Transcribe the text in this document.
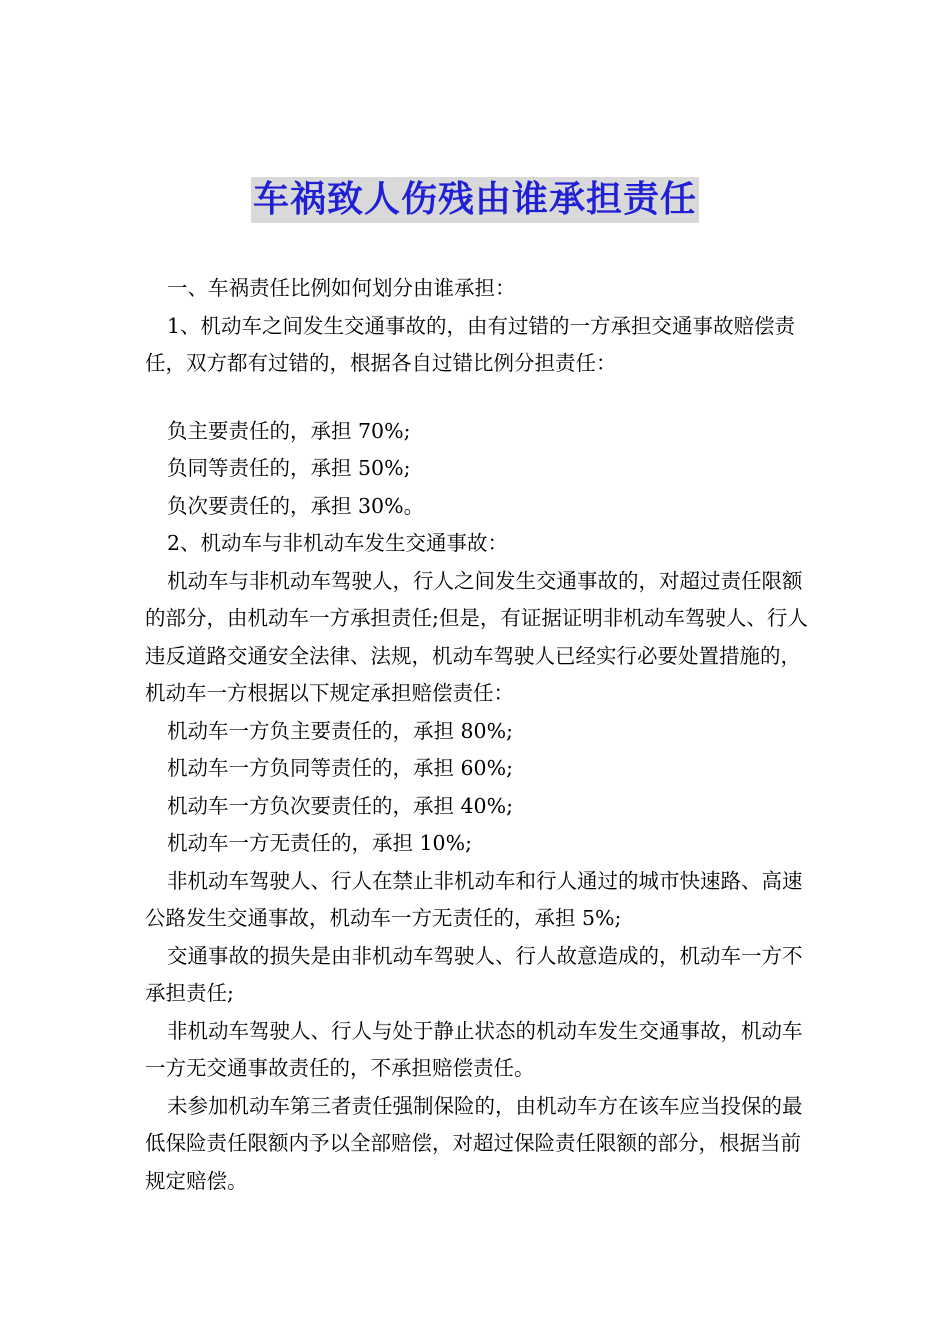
车祸致人伤残由谁承担责任

一、车祸责任比例如何划分由谁承担：

1、机动车之间发生交通事故的，由有过错的一方承担交通事故赔偿责任，双方都有过错的，根据各自过错比例分担责任：

负主要责任的，承担 70%;

负同等责任的，承担 50%;

负次要责任的，承担 30%。

2、机动车与非机动车发生交通事故：

机动车与非机动车驾驶人，行人之间发生交通事故的，对超过责任限额的部分，由机动车一方承担责任;但是，有证据证明非机动车驾驶人、行人违反道路交通安全法律、法规，机动车驾驶人已经实行必要处置措施的，机动车一方根据以下规定承担赔偿责任：

机动车一方负主要责任的，承担 80%;

机动车一方负同等责任的，承担 60%;

机动车一方负次要责任的，承担 40%;

机动车一方无责任的，承担 10%;

非机动车驾驶人、行人在禁止非机动车和行人通过的城市快速路、高速公路发生交通事故，机动车一方无责任的，承担 5%;

交通事故的损失是由非机动车驾驶人、行人故意造成的，机动车一方不承担责任;

非机动车驾驶人、行人与处于静止状态的机动车发生交通事故，机动车一方无交通事故责任的，不承担赔偿责任。

未参加机动车第三者责任强制保险的，由机动车方在该车应当投保的最低保险责任限额内予以全部赔偿，对超过保险责任限额的部分，根据当前规定赔偿。
